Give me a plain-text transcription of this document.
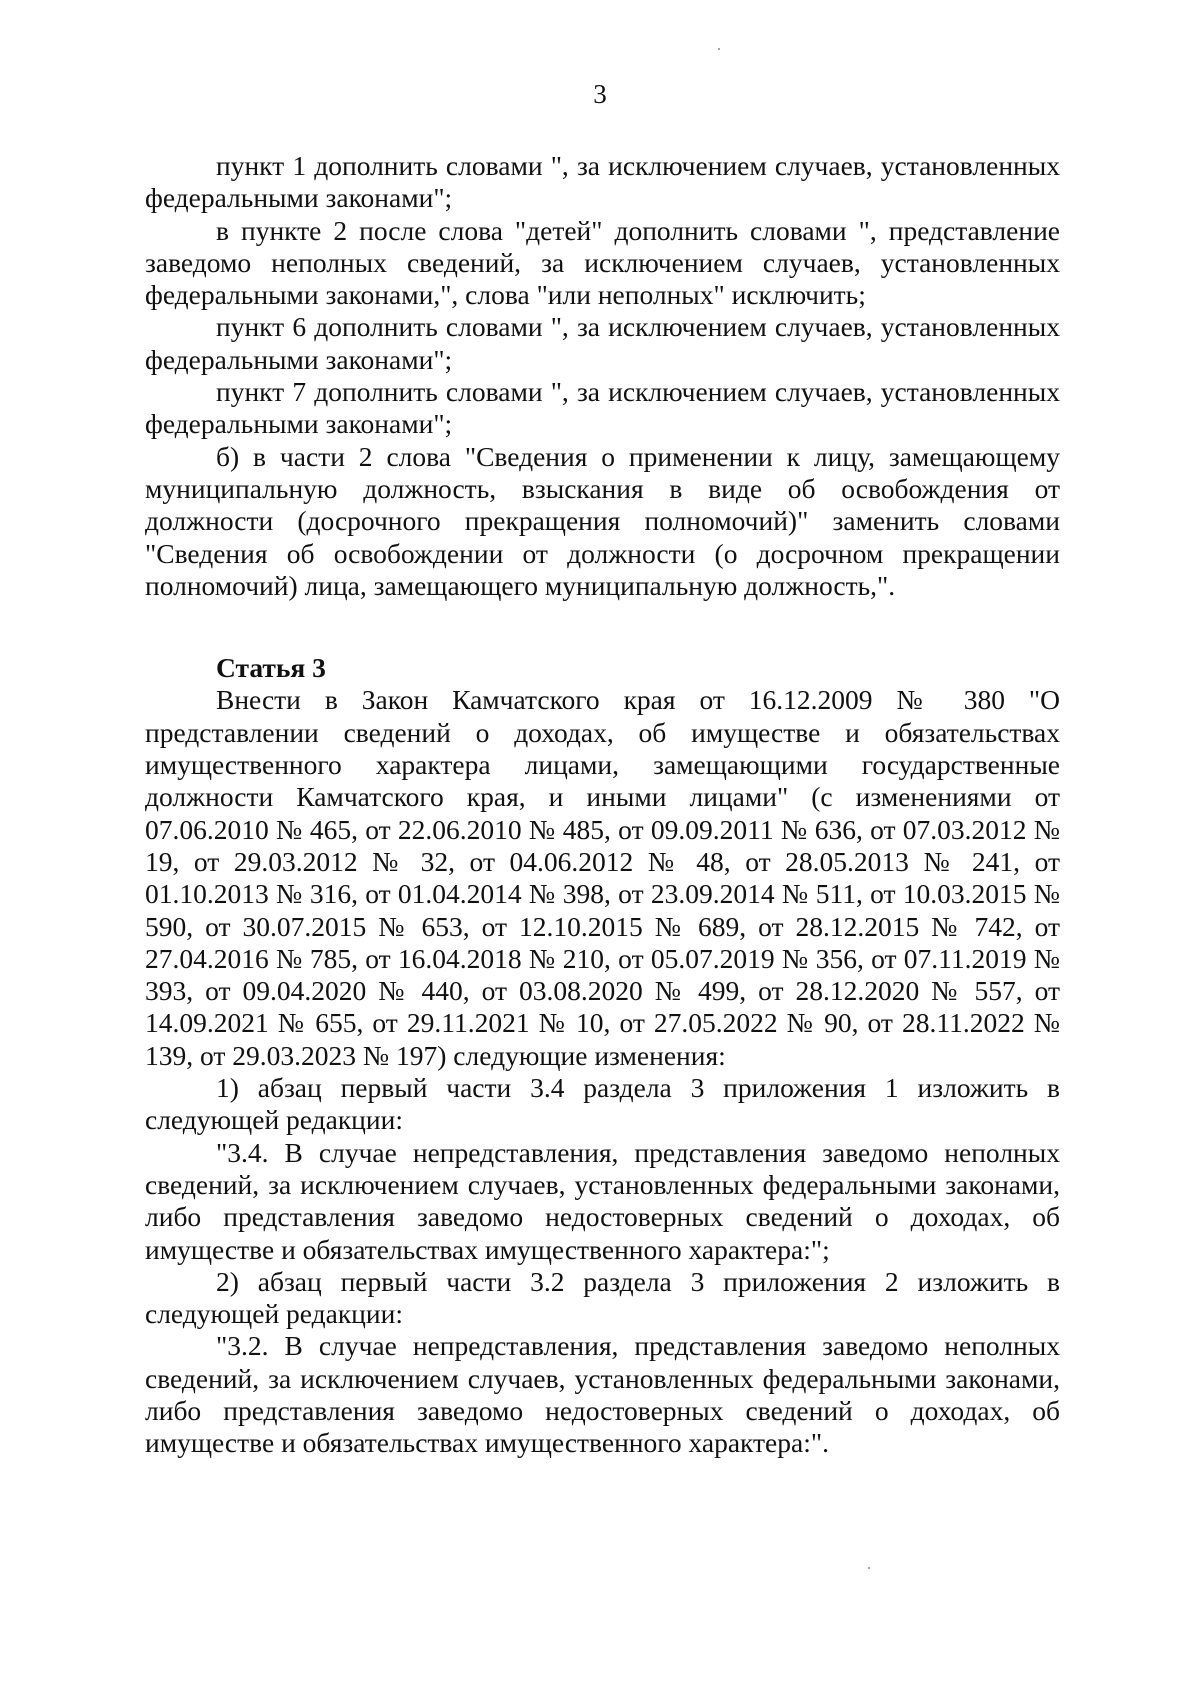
3

пункт 1 дополнить словами ", за исключением случаев, установленных федеральными законами";

в пункте 2 после слова "детей" дополнить словами ", представление заведомо неполных сведений, за исключением случаев, установленных федеральными законами,", слова "или неполных" исключить;

пункт 6 дополнить словами ", за исключением случаев, установленных федеральными законами";

пункт 7 дополнить словами ", за исключением случаев, установленных федеральными законами";

б) в части 2 слова "Сведения о применении к лицу, замещающему муниципальную должность, взыскания в виде об освобождения от должности (досрочного прекращения полномочий)" заменить словами "Сведения об освобождении от должности (о досрочном прекращении полномочий) лица, замещающего муниципальную должность,".

Статья 3

Внести в Закон Камчатского края от 16.12.2009 № 380 "О представлении сведений о доходах, об имуществе и обязательствах имущественного характера лицами, замещающими государственные должности Камчатского края, и иными лицами" (с изменениями от 07.06.2010 № 465, от 22.06.2010 № 485, от 09.09.2011 № 636, от 07.03.2012 № 19, от 29.03.2012 № 32, от 04.06.2012 № 48, от 28.05.2013 № 241, от 01.10.2013 № 316, от 01.04.2014 № 398, от 23.09.2014 № 511, от 10.03.2015 № 590, от 30.07.2015 № 653, от 12.10.2015 № 689, от 28.12.2015 № 742, от 27.04.2016 № 785, от 16.04.2018 № 210, от 05.07.2019 № 356, от 07.11.2019 № 393, от 09.04.2020 № 440, от 03.08.2020 № 499, от 28.12.2020 № 557, от 14.09.2021 № 655, от 29.11.2021 № 10, от 27.05.2022 № 90, от 28.11.2022 № 139, от 29.03.2023 № 197) следующие изменения:

1) абзац первый части 3.4 раздела 3 приложения 1 изложить в следующей редакции:

"3.4. В случае непредставления, представления заведомо неполных сведений, за исключением случаев, установленных федеральными законами, либо представления заведомо недостоверных сведений о доходах, об имуществе и обязательствах имущественного характера:";

2) абзац первый части 3.2 раздела 3 приложения 2 изложить в следующей редакции:

"3.2. В случае непредставления, представления заведомо неполных сведений, за исключением случаев, установленных федеральными законами, либо представления заведомо недостоверных сведений о доходах, об имуществе и обязательствах имущественного характера:".
